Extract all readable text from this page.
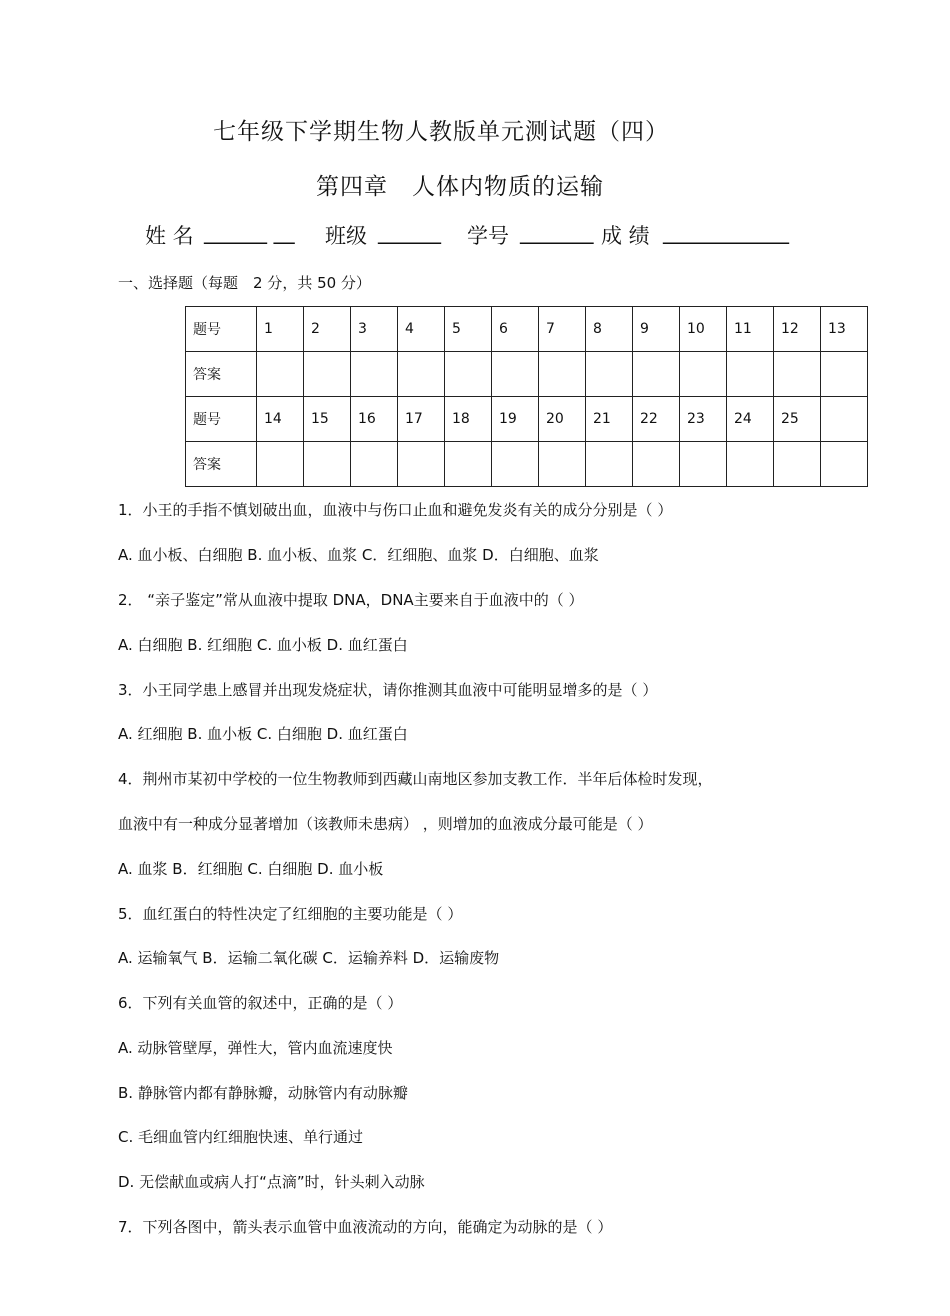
七年级下学期生物人教版单元测试题（四）
第四章　人体内物质的运输
姓 名 ______ __ 班级 ______ 学号 _______ 成 绩 ____________
一、选择题（每题　2 分，共 50 分）
题号	1	2	3	4	5	6	7	8	9	10	11	12	13
答案													
题号	14	15	16	17	18	19	20	21	22	23	24	25	
答案													
1．小王的手指不慎划破出血，血液中与伤口止血和避免发炎有关的成分分别是（ ）
A. 血小板、白细胞 B. 血小板、血浆 C．红细胞、血浆 D．白细胞、血浆
2． “亲子鉴定”常从血液中提取 DNA，DNA主要来自于血液中的（ ）
A. 白细胞 B. 红细胞 C. 血小板 D. 血红蛋白
3．小王同学患上感冒并出现发烧症状，请你推测其血液中可能明显增多的是（ ）
A. 红细胞 B. 血小板 C. 白细胞 D. 血红蛋白
4．荆州市某初中学校的一位生物教师到西藏山南地区参加支教工作．半年后体检时发现，
血液中有一种成分显著增加（该教师未患病） ，则增加的血液成分最可能是（ ）
A. 血浆 B．红细胞 C. 白细胞 D. 血小板
5．血红蛋白的特性决定了红细胞的主要功能是（ ）
A. 运输氧气 B．运输二氧化碳 C．运输养料 D．运输废物
6．下列有关血管的叙述中，正确的是（ ）
A. 动脉管壁厚，弹性大，管内血流速度快
B. 静脉管内都有静脉瓣，动脉管内有动脉瓣
C. 毛细血管内红细胞快速、单行通过
D. 无偿献血或病人打“点滴”时，针头刺入动脉
7．下列各图中，箭头表示血管中血液流动的方向，能确定为动脉的是（ ）
